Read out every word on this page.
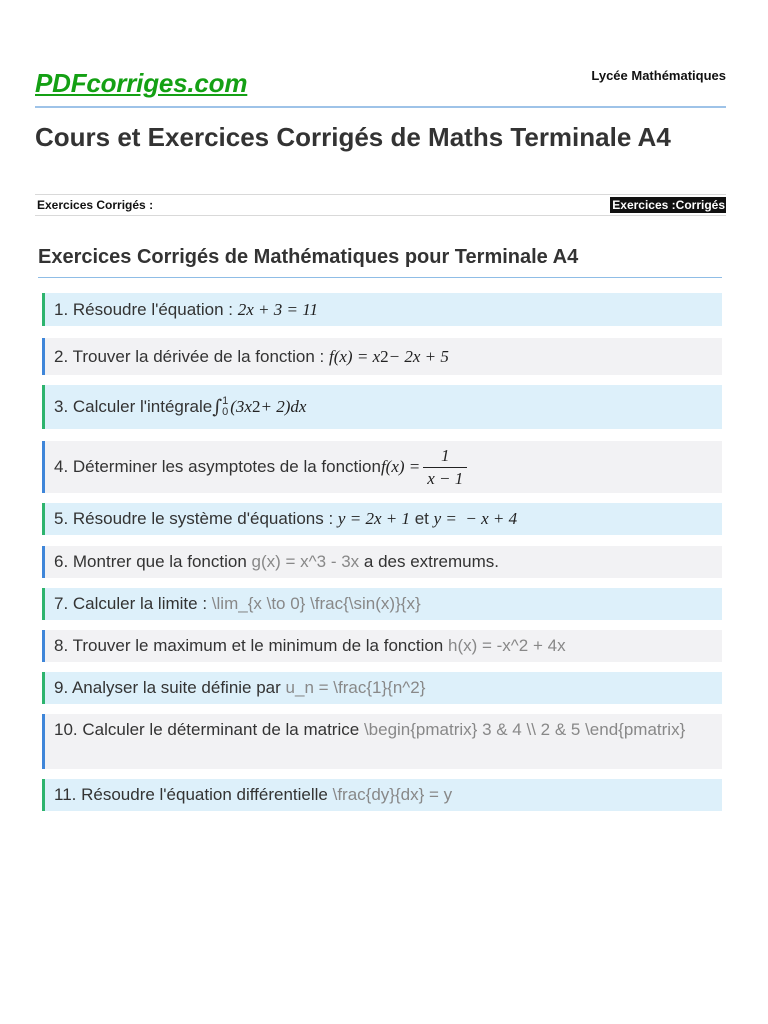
PDFcorriges.com	Lycée Mathématiques
Cours et Exercices Corrigés de Maths Terminale A4
Exercices Corrigés :	Exercices :Corrigés
Exercices Corrigés de Mathématiques pour Terminale A4
1. Résoudre l'équation :
2x + 3 = 11
2. Trouver la dérivée de la fonction :
f(x) = x 2 − 2x + 5
3. Calculer l'intégrale ∫ 1
0 (3x 2 + 2)dx
4. Déterminer les asymptotes de la fonction $f(x) = \frac{1}{x - 1}$
5. Résoudre le système d'équations :
y = 2x + 1 et y =  − x + 4
6. Montrer que la fonction
g(x) = x^3 - 3x
a des extremums.
7. Calculer la limite :
\lim_{x \to 0} \frac{\sin(x)}{x}
8. Trouver le maximum et le minimum de la fonction
h(x) = -x^2 + 4x
9. Analyser la suite définie par
u_n = \frac{1}{n^2}
10. Calculer le déterminant de la matrice \begin{pmatrix} 3 & 4 \\ 2 & 5 \end{pmatrix}
11. Résoudre l'équation différentielle
\frac{dy}{dx} = y
